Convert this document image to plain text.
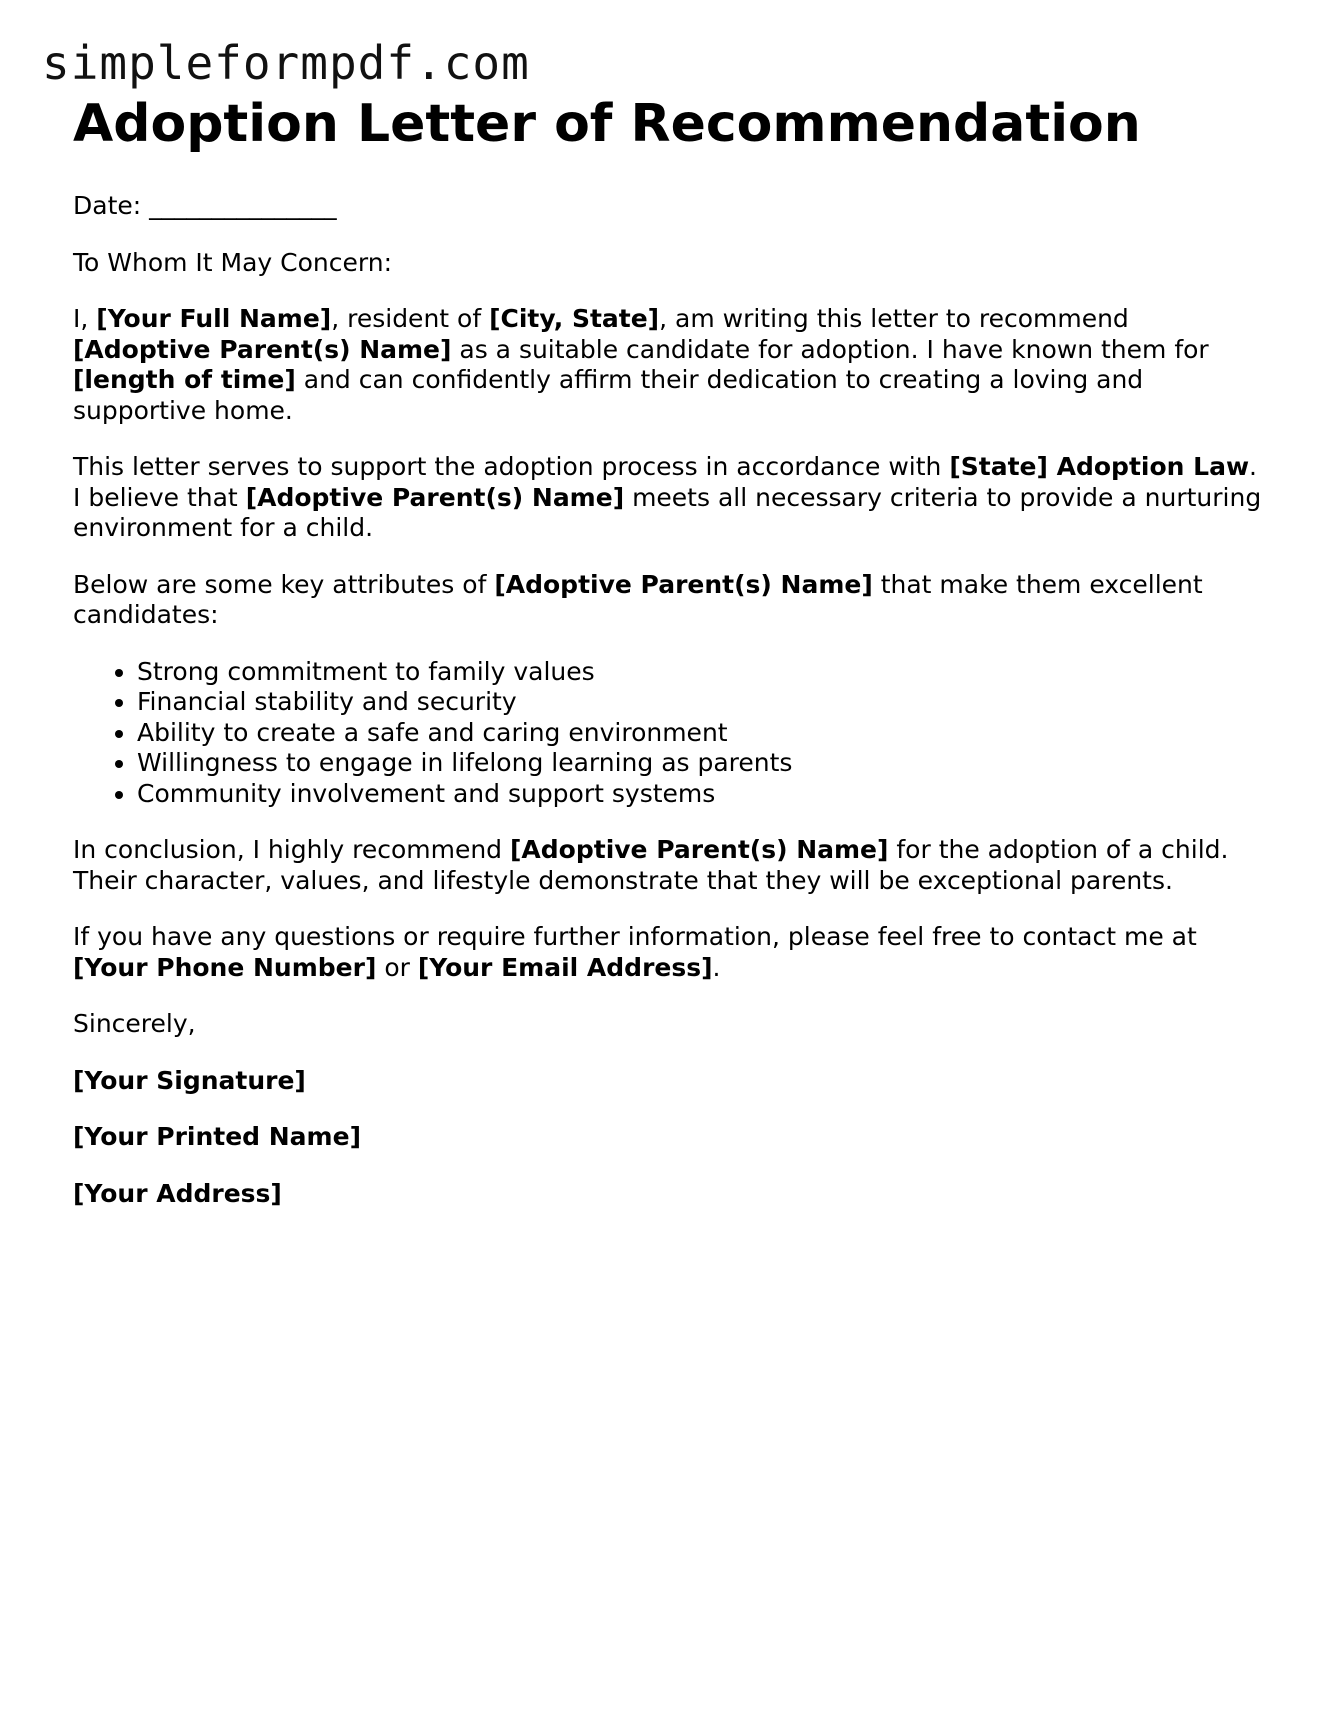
simpleformpdf.com
Adoption Letter of Recommendation

Date: _______________

To Whom It May Concern:

I, [Your Full Name], resident of [City, State], am writing this letter to recommend [Adoptive Parent(s) Name] as a suitable candidate for adoption. I have known them for [length of time] and can confidently affirm their dedication to creating a loving and supportive home.

This letter serves to support the adoption process in accordance with [State] Adoption Law. I believe that [Adoptive Parent(s) Name] meets all necessary criteria to provide a nurturing environment for a child.

Below are some key attributes of [Adoptive Parent(s) Name] that make them excellent candidates:

• Strong commitment to family values
• Financial stability and security
• Ability to create a safe and caring environment
• Willingness to engage in lifelong learning as parents
• Community involvement and support systems

In conclusion, I highly recommend [Adoptive Parent(s) Name] for the adoption of a child. Their character, values, and lifestyle demonstrate that they will be exceptional parents.

If you have any questions or require further information, please feel free to contact me at [Your Phone Number] or [Your Email Address].

Sincerely,

[Your Signature]

[Your Printed Name]

[Your Address]
